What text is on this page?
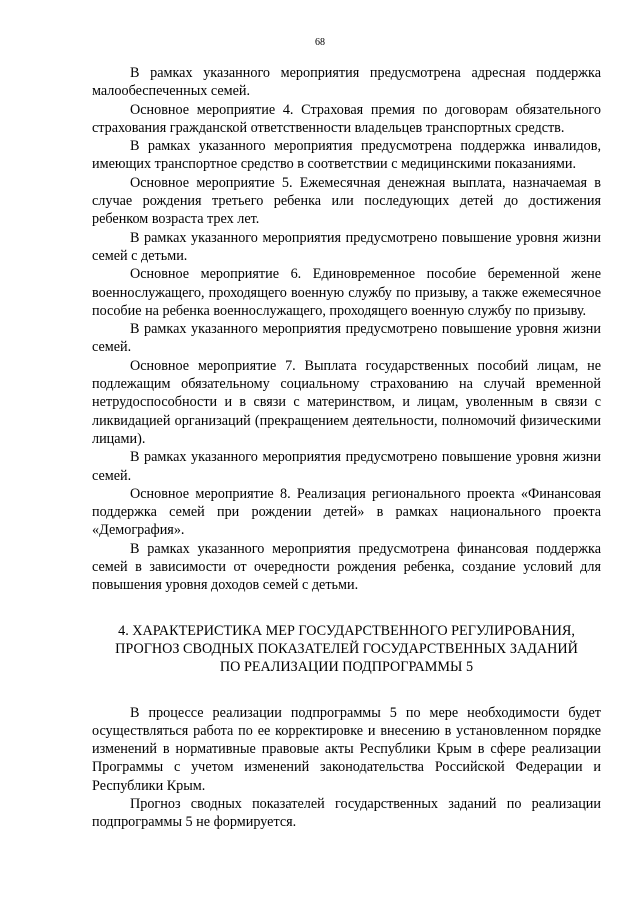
68

В рамках указанного мероприятия предусмотрена адресная поддержка малообеспеченных семей.

Основное мероприятие 4. Страховая премия по договорам обязательного страхования гражданской ответственности владельцев транспортных средств.

В рамках указанного мероприятия предусмотрена поддержка инвалидов, имеющих транспортное средство в соответствии с медицинскими показаниями.

Основное мероприятие 5. Ежемесячная денежная выплата, назначаемая в случае рождения третьего ребенка или последующих детей до достижения ребенком возраста трех лет.

В рамках указанного мероприятия предусмотрено повышение уровня жизни семей с детьми.

Основное мероприятие 6. Единовременное пособие беременной жене военнослужащего, проходящего военную службу по призыву, а также ежемесячное пособие на ребенка военнослужащего, проходящего военную службу по призыву.

В рамках указанного мероприятия предусмотрено повышение уровня жизни семей.

Основное мероприятие 7. Выплата государственных пособий лицам, не подлежащим обязательному социальному страхованию на случай временной нетрудоспособности и в связи с материнством, и лицам, уволенным в связи с ликвидацией организаций (прекращением деятельности, полномочий физическими лицами).

В рамках указанного мероприятия предусмотрено повышение уровня жизни семей.

Основное мероприятие 8. Реализация регионального проекта «Финансовая поддержка семей при рождении детей» в рамках национального проекта «Демография».

В рамках указанного мероприятия предусмотрена финансовая поддержка семей в зависимости от очередности рождения ребенка, создание условий для повышения уровня доходов семей с детьми.

4. ХАРАКТЕРИСТИКА МЕР ГОСУДАРСТВЕННОГО РЕГУЛИРОВАНИЯ,
ПРОГНОЗ СВОДНЫХ ПОКАЗАТЕЛЕЙ ГОСУДАРСТВЕННЫХ ЗАДАНИЙ
ПО РЕАЛИЗАЦИИ ПОДПРОГРАММЫ 5

В процессе реализации подпрограммы 5 по мере необходимости будет осуществляться работа по ее корректировке и внесению в установленном порядке изменений в нормативные правовые акты Республики Крым в сфере реализации Программы с учетом изменений законодательства Российской Федерации и Республики Крым.

Прогноз сводных показателей государственных заданий по реализации подпрограммы 5 не формируется.
